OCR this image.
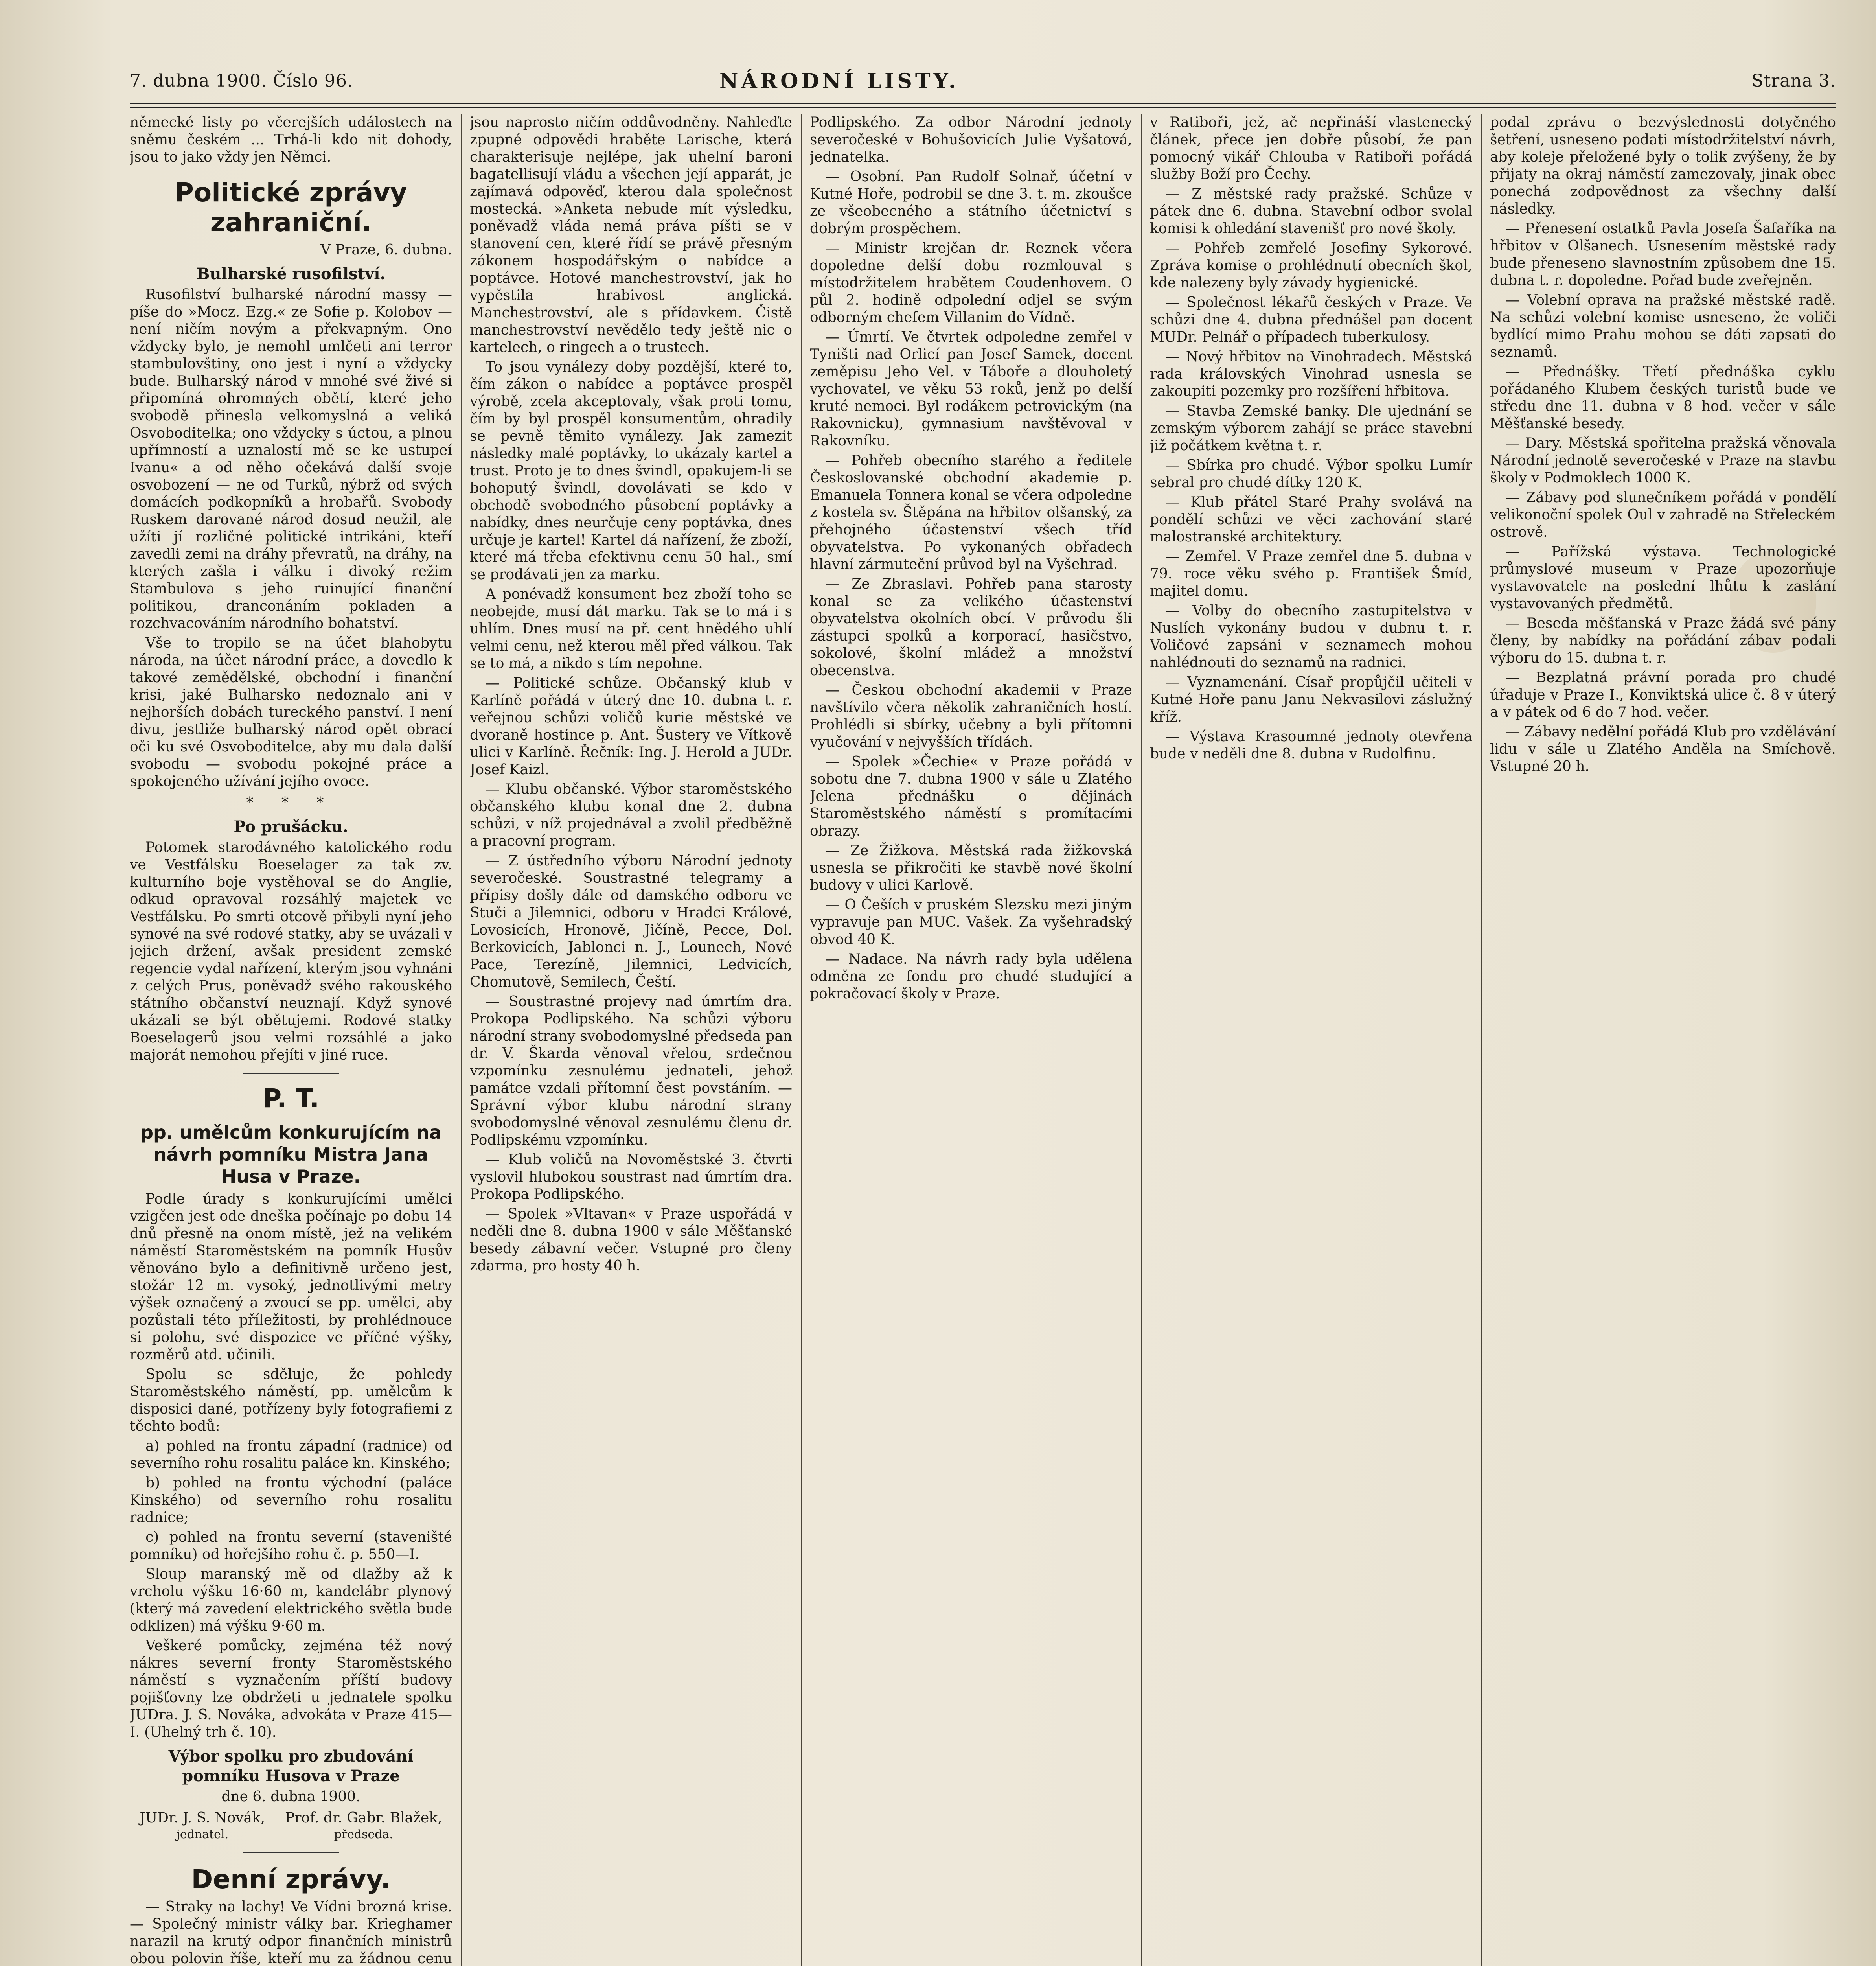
7. dubna 1900. Číslo 96.	NÁRODNÍ LISTY.	Strana 3.

německé listy po včerejších událostech na sněmu českém ... Trhá-li kdo nit dohody, jsou to jako vždy jen Němci.

Politické zprávy zahraniční.
V Praze, 6. dubna.
Bulharské rusofilství.

Rusofilství bulharské národní massy — píše do »Mocz. Ezg.« ze Sofie p. Kolobov — není ničím novým a překvapným. Ono vždycky bylo, je nemohl umlčeti ani terror stambulovštiny, ono jest i nyní a vždycky bude. Bulharský národ v mnohé své živé si připomíná ohromných obětí, které jeho svobodě přinesla velkomyslná a veliká Osvoboditelka; ono vždycky s úctou, a plnou upřímností a uznalostí mě se ke ustupeí Ivanu« a od něho očekává další svoje osvobození — ne od Turků, nýbrž od svých domácích podkopníků a hrobařů. Svobody Ruskem darované národ dosud neužil, ale užíti jí rozličné politické intrikáni, kteří zavedli zemi na dráhy převratů, na dráhy, na kterých zašla i válku i divoký režim Stambulova s jeho ruinující finanční politikou, dranconáním pokladen a rozchvacováním národního bohatství.

Vše to tropilo se na účet blahobytu národa, na účet národní práce, a dovedlo k takové zemědělské, obchodní i finanční krisi, jaké Bulharsko nedoznalo ani v nejhorších dobách tureckého panství. I není divu, jestliže bulharský národ opět obrací oči ku své Osvoboditelce, aby mu dala další svobodu — svobodu pokojné práce a spokojeného užívání jejího ovoce.

* * *
Po prušácku.

Potomek starodávného katolického rodu ve Vestfálsku Boeselager za tak zv. kulturního boje vystěhoval se do Anglie, odkud opravoval rozsáhlý majetek ve Vestfálsku. Po smrti otcově přibyli nyní jeho synové na své rodové statky, aby se uvázali v jejich držení, avšak president zemské regencie vydal nařízení, kterým jsou vyhnáni z celých Prus, poněvadž svého rakouského státního občanství neuznají. Když synové ukázali se být obětujemi. Rodové statky Boeselagerů jsou velmi rozsáhlé a jako majorát nemohou přejíti v jiné ruce.

P. T.
pp. umělcům konkurujícím na návrh pomníku Mistra Jana Husa v Praze.

Podle úrady s konkurujícími umělci vzigčen jest ode dneška počínaje po dobu 14 dnů přesně na onom místě, jež na velikém náměstí Staroměstském na pomník Husův věnováno bylo a definitivně určeno jest, stožár 12 m. vysoký, jednotlivými metry výšek označený a zvoucí se pp. umělci, aby pozůstali této příležitosti, by prohlédnouce si polohu, své dispozice ve příčné výšky, rozměrů atd. učinili.

Spolu se sděluje, že pohledy Staroměstského náměstí, pp. umělcům k disposici dané, potřízeny byly fotografiemi z těchto bodů:

a) pohled na frontu západní (radnice) od severního rohu rosalitu paláce kn. Kinského;

b) pohled na frontu východní (paláce Kinského) od severního rohu rosalitu radnice;

c) pohled na frontu severní (staveništé pomníku) od hořejšího rohu č. p. 550—I.

Sloup maranský mě od dlažby až k vrcholu výšku 16·60 m, kandelábr plynový (který má zavedení elektrického světla bude odklizen) má výšku 9·60 m.

Veškeré pomůcky, zejména též nový nákres severní fronty Staroměstského náměstí s vyznačením příští budovy pojišťovny lze obdržeti u jednatele spolku JUDra. J. S. Nováka, advokáta v Praze 415—I. (Uhelný trh č. 10).

Výbor spolku pro zbudování pomníku Husova v Praze

dne 6. dubna 1900.

JUDr. J. S. Novák,
jednatel.
Prof. dr. Gabr. Blažek,
předseda.
Denní zprávy.

— Straky na lachy! Ve Vídni brozná krise. — Společný ministr války bar. Krieghamer narazil na krutý odpor finančních ministrů obou polovin říše, kteří mu za žádnou cenu

jsou naprosto ničím oddůvodněny. Nahleďte zpupné odpovědi hraběte Larische, která charakterisuje nejlépe, jak uhelní baroni bagatellisují vládu a všechen její apparát, je zajímavá odpověď, kterou dala společnost mostecká. »Anketa nebude mít výsledku, poněvadž vláda nemá práva píšti se v stanovení cen, které řídí se právě přesným zákonem hospodářským o nabídce a poptávce. Hotové manchestrovství, jak ho vypěstila hrabivost anglická. Manchestrovství, ale s přídavkem. Čistě manchestrovství nevědělo tedy ještě nic o kartelech, o ringech a o trustech.

To jsou vynálezy doby pozdější, které to, čím zákon o nabídce a poptávce prospěl výrobě, zcela akceptovaly, však proti tomu, čím by byl prospěl konsumentům, ohradily se pevně těmito vynálezy. Jak zamezit následky malé poptávky, to ukázaly kartel a trust. Proto je to dnes švindl, opakujem-li se bohoputý švindl, dovolávati se kdo v obchodě svobodného působení poptávky a nabídky, dnes neurčuje ceny poptávka, dnes určuje je kartel! Kartel dá nařízení, že zboží, které má třeba efektivnu cenu 50 hal., smí se prodávati jen za marku.

A ponévadž konsument bez zboží toho se neobejde, musí dát marku. Tak se to má i s uhlím. Dnes musí na př. cent hnědého uhlí velmi cenu, než kterou měl před válkou. Tak se to má, a nikdo s tím nepohne.

— Politické schůze. Občanský klub v Karlíně pořádá v úterý dne 10. dubna t. r. veřejnou schůzi voličů kurie městské ve dvoraně hostince p. Ant. Šustery ve Vítkově ulici v Karlíně. Řečník: Ing. J. Herold a JUDr. Josef Kaizl.

— Klubu občanské. Výbor staroměstského občanského klubu konal dne 2. dubna schůzi, v níž projednával a zvolil předběžně a pracovní program.

— Z ústředního výboru Národní jednoty severočeské. Soustrastné telegramy a přípisy došly dále od damského odboru ve Stuči a Jilemnici, odboru v Hradci Králové, Lovosicích, Hronově, Jičíně, Pecce, Dol. Berkovicích, Jablonci n. J., Lounech, Nové Pace, Terezíně, Jilemnici, Ledvicích, Chomutově, Semilech, Čeští.

— Soustrastné projevy nad úmrtím dra. Prokopa Podlipského. Na schůzi výboru národní strany svobodomyslné předseda pan dr. V. Škarda věnoval vřelou, srdečnou vzpomínku zesnulému jednateli, jehož památce vzdali přítomní čest povstáním. — Správní výbor klubu národní strany svobodomyslné věnoval zesnulému členu dr. Podlipskému vzpomínku.

— Klub voličů na Novoměstské 3. čtvrti vyslovil hlubokou soustrast nad úmrtím dra. Prokopa Podlipského.

— Spolek »Vltavan« v Praze uspořádá v neděli dne 8. dubna 1900 v sále Měšťanské besedy zábavní večer. Vstupné pro členy zdarma, pro hosty 40 h.

Podlipského. Za odbor Národní jednoty severočeské v Bohušovicích Julie Vyšatová, jednatelka.

— Osobní. Pan Rudolf Solnař, účetní v Kutné Hoře, podrobil se dne 3. t. m. zkoušce ze všeobecného a státního účetnictví s dobrým prospěchem.

— Ministr krejčan dr. Reznek včera dopoledne delší dobu rozmlouval s místodržitelem hrabětem Coudenhovem. O půl 2. hodině odpolední odjel se svým odborným chefem Villanim do Vídně.

— Úmrtí. Ve čtvrtek odpoledne zemřel v Tyništi nad Orlicí pan Josef Samek, docent zeměpisu Jeho Vel. v Táboře a dlouholetý vychovatel, ve věku 53 roků, jenž po delší kruté nemoci. Byl rodákem petrovickým (na Rakovnicku), gymnasium navštěvoval v Rakovníku.

— Pohřeb obecního starého a ředitele Českoslovanské obchodní akademie p. Emanuela Tonnera konal se včera odpoledne z kostela sv. Štěpána na hřbitov olšanský, za přehojného účastenství všech tříd obyvatelstva. Po vykonaných obřadech hlavní zármuteční průvod byl na Vyšehrad.

— Ze Zbraslavi. Pohřeb pana starosty konal se za velikého účastenství obyvatelstva okolních obcí. V průvodu šli zástupci spolků a korporací, hasičstvo, sokolové, školní mládež a množství obecenstva.

— Českou obchodní akademii v Praze navštívilo včera několik zahraničních hostí. Prohlédli si sbírky, učebny a byli přítomni vyučování v nejvyšších třídách.

— Spolek »Čechie« v Praze pořádá v sobotu dne 7. dubna 1900 v sále u Zlatého Jelena přednášku o dějinách Staroměstského náměstí s promítacími obrazy.

— Ze Žižkova. Městská rada žižkovská usnesla se přikročiti ke stavbě nové školní budovy v ulici Karlově.

— O Češích v pruském Slezsku mezi jiným vypravuje pan MUC. Vašek. Za vyšehradský obvod 40 K.

— Nadace. Na návrh rady byla udělena odměna ze fondu pro chudé studující a pokračovací školy v Praze.

v Ratiboři, jež, ač nepřináší vlastenecký článek, přece jen dobře působí, že pan pomocný vikář Chlouba v Ratiboři pořádá služby Boží pro Čechy.

— Z městské rady pražské. Schůze v pátek dne 6. dubna. Stavební odbor svolal komisi k ohledání stavenišť pro nové školy.

— Pohřeb zemřelé Josefiny Sykorové. Zpráva komise o prohlédnutí obecních škol, kde nalezeny byly závady hygienické.

— Společnost lékařů českých v Praze. Ve schůzi dne 4. dubna přednášel pan docent MUDr. Pelnář o případech tuberkulosy.

— Nový hřbitov na Vinohradech. Městská rada královských Vinohrad usnesla se zakoupiti pozemky pro rozšíření hřbitova.

— Stavba Zemské banky. Dle ujednání se zemským výborem zahájí se práce stavební již počátkem května t. r.

— Sbírka pro chudé. Výbor spolku Lumír sebral pro chudé dítky 120 K.

— Klub přátel Staré Prahy svolává na pondělí schůzi ve věci zachování staré malostranské architektury.

— Zemřel. V Praze zemřel dne 5. dubna v 79. roce věku svého p. František Šmíd, majitel domu.

— Volby do obecního zastupitelstva v Nuslích vykonány budou v dubnu t. r. Voličové zapsáni v seznamech mohou nahlédnouti do seznamů na radnici.

— Vyznamenání. Císař propůjčil učiteli v Kutné Hoře panu Janu Nekvasilovi záslužný kříž.

— Výstava Krasoumné jednoty otevřena bude v neděli dne 8. dubna v Rudolfinu.

podal zprávu o bezvýslednosti dotyčného šetření, usneseno podati místodržitelství návrh, aby koleje přeložené byly o tolik zvýšeny, že by přijaty na okraj náměstí zamezovaly, jinak obec ponechá zodpovědnost za všechny další následky.

— Přenesení ostatků Pavla Josefa Šafaříka na hřbitov v Olšanech. Usnesením městské rady bude přeneseno slavnostním způsobem dne 15. dubna t. r. dopoledne. Pořad bude zveřejněn.

— Volební oprava na pražské městské radě. Na schůzi volební komise usneseno, že voliči bydlící mimo Prahu mohou se dáti zapsati do seznamů.

— Přednášky. Třetí přednáška cyklu pořádaného Klubem českých turistů bude ve středu dne 11. dubna v 8 hod. večer v sále Měšťanské besedy.

— Dary. Městská spořitelna pražská věnovala Národní jednotě severočeské v Praze na stavbu školy v Podmoklech 1000 K.

— Zábavy pod slunečníkem pořádá v pondělí velikonoční spolek Oul v zahradě na Střeleckém ostrově.

— Pařížská výstava. Technologické průmyslové museum v Praze upozorňuje vystavovatele na poslední lhůtu k zaslání vystavovaných předmětů.

— Beseda měšťanská v Praze žádá své pány členy, by nabídky na pořádání zábav podali výboru do 15. dubna t. r.

— Bezplatná právní porada pro chudé úřaduje v Praze I., Konviktská ulice č. 8 v úterý a v pátek od 6 do 7 hod. večer.

— Zábavy nedělní pořádá Klub pro vzdělávání lidu v sále u Zlatého Anděla na Smíchově. Vstupné 20 h.
